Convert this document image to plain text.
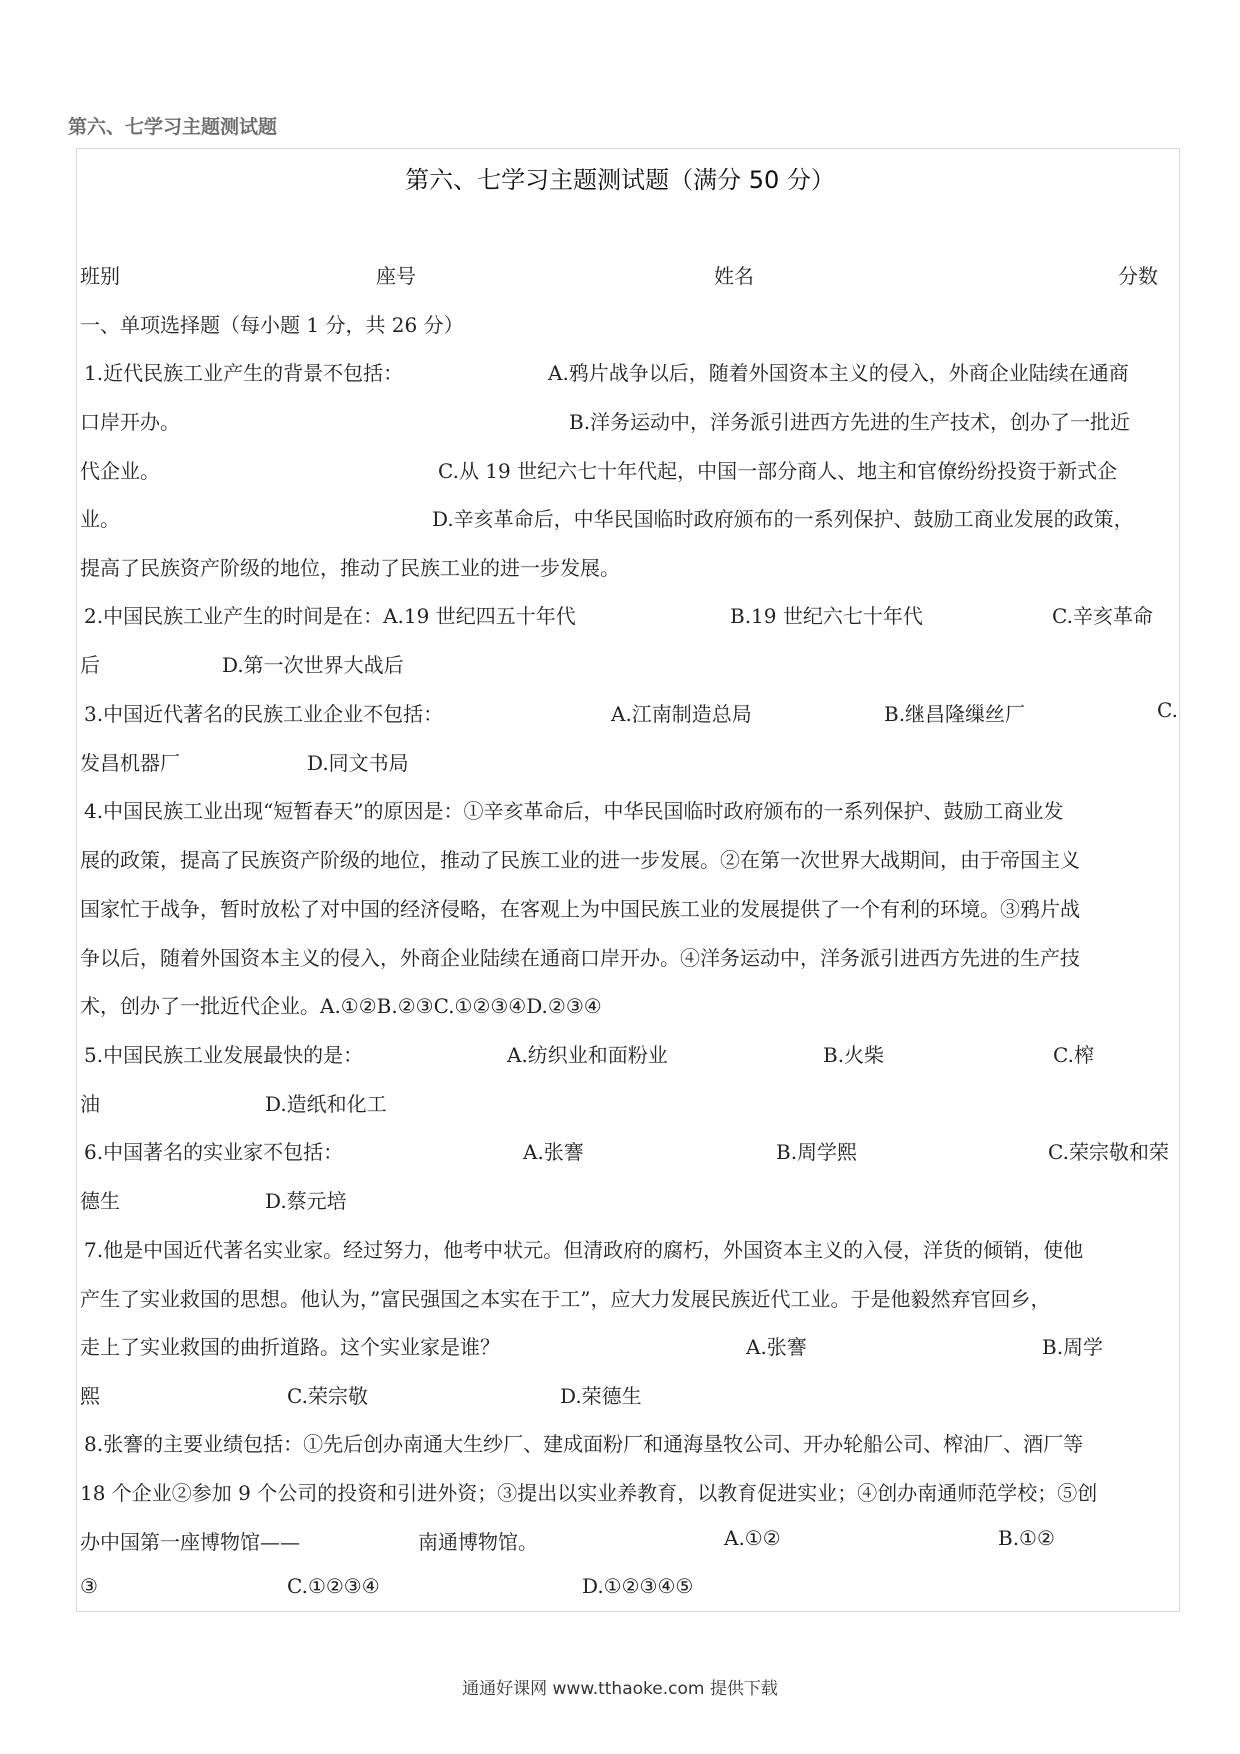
第六、七学习主题测试题
第六、七学习主题测试题（满分 50 分）
班别	座号	姓名	分数
一、单项选择题（每小题 1 分，共 26 分）
1.近代民族工业产生的背景不包括：	A.鸦片战争以后，随着外国资本主义的侵入，外商企业陆续在通商
口岸开办。	B.洋务运动中，洋务派引进西方先进的生产技术，创办了一批近
代企业。	C.从 19 世纪六七十年代起，中国一部分商人、地主和官僚纷纷投资于新式企
业。	D.辛亥革命后，中华民国临时政府颁布的一系列保护、鼓励工商业发展的政策，
提高了民族资产阶级的地位，推动了民族工业的进一步发展。
2.中国民族工业产生的时间是在：A.19 世纪四五十年代	B.19 世纪六七十年代	C.辛亥革命
后	D.第一次世界大战后
3.中国近代著名的民族工业企业不包括：	A.江南制造总局	B.继昌隆缫丝厂	C.
发昌机器厂	D.同文书局
4.中国民族工业出现“短暂春天”的原因是：①辛亥革命后，中华民国临时政府颁布的一系列保护、鼓励工商业发
展的政策，提高了民族资产阶级的地位，推动了民族工业的进一步发展。②在第一次世界大战期间，由于帝国主义
国家忙于战争，暂时放松了对中国的经济侵略，在客观上为中国民族工业的发展提供了一个有利的环境。③鸦片战
争以后，随着外国资本主义的侵入，外商企业陆续在通商口岸开办。④洋务运动中，洋务派引进西方先进的生产技
术，创办了一批近代企业。A.①②B.②③C.①②③④D.②③④
5.中国民族工业发展最快的是：	A.纺织业和面粉业	B.火柴	C.榨
油	D.造纸和化工
6.中国著名的实业家不包括：	A.张謇	B.周学熙	C.荣宗敬和荣
德生	D.蔡元培
7.他是中国近代著名实业家。经过努力，他考中状元。但清政府的腐朽，外国资本主义的入侵，洋货的倾销，使他
产生了实业救国的思想。他认为，”富民强国之本实在于工”，应大力发展民族近代工业。于是他毅然弃官回乡，
走上了实业救国的曲折道路。这个实业家是谁？	A.张謇	B.周学
熙	C.荣宗敬	D.荣德生
8.张謇的主要业绩包括：①先后创办南通大生纱厂、建成面粉厂和通海垦牧公司、开办轮船公司、榨油厂、酒厂等
18 个企业②参加 9 个公司的投资和引进外资；③提出以实业养教育，以教育促进实业；④创办南通师范学校；⑤创
办中国第一座博物馆——	南通博物馆。	A.①②	B.①②
③	C.①②③④	D.①②③④⑤
通通好课网 www.tthaoke.com 提供下载
